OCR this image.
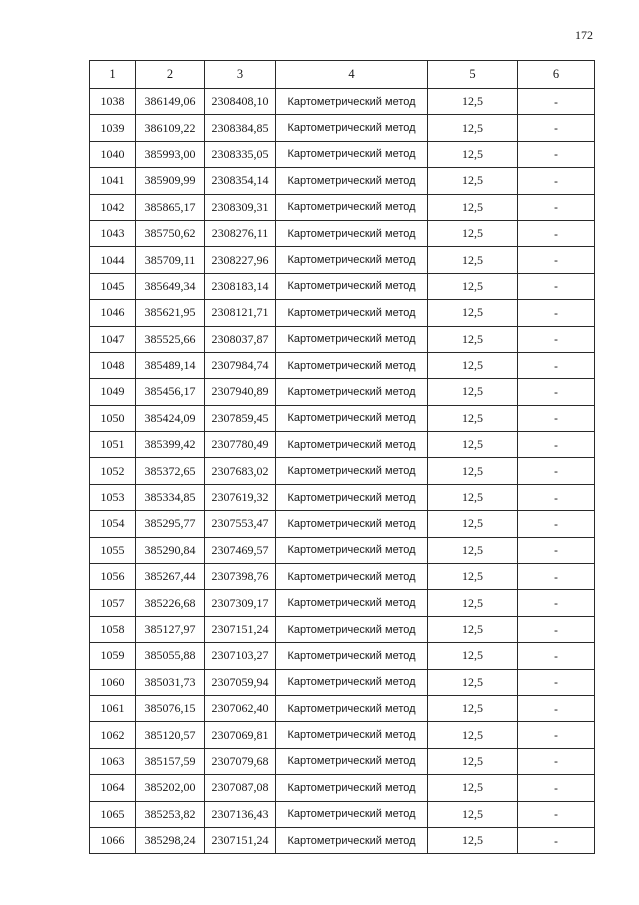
172
1	2	3	4	5	6
1038	386149,06	2308408,10	Картометрический метод	12,5	-
1039	386109,22	2308384,85	Картометрический метод	12,5	-
1040	385993,00	2308335,05	Картометрический метод	12,5	-
1041	385909,99	2308354,14	Картометрический метод	12,5	-
1042	385865,17	2308309,31	Картометрический метод	12,5	-
1043	385750,62	2308276,11	Картометрический метод	12,5	-
1044	385709,11	2308227,96	Картометрический метод	12,5	-
1045	385649,34	2308183,14	Картометрический метод	12,5	-
1046	385621,95	2308121,71	Картометрический метод	12,5	-
1047	385525,66	2308037,87	Картометрический метод	12,5	-
1048	385489,14	2307984,74	Картометрический метод	12,5	-
1049	385456,17	2307940,89	Картометрический метод	12,5	-
1050	385424,09	2307859,45	Картометрический метод	12,5	-
1051	385399,42	2307780,49	Картометрический метод	12,5	-
1052	385372,65	2307683,02	Картометрический метод	12,5	-
1053	385334,85	2307619,32	Картометрический метод	12,5	-
1054	385295,77	2307553,47	Картометрический метод	12,5	-
1055	385290,84	2307469,57	Картометрический метод	12,5	-
1056	385267,44	2307398,76	Картометрический метод	12,5	-
1057	385226,68	2307309,17	Картометрический метод	12,5	-
1058	385127,97	2307151,24	Картометрический метод	12,5	-
1059	385055,88	2307103,27	Картометрический метод	12,5	-
1060	385031,73	2307059,94	Картометрический метод	12,5	-
1061	385076,15	2307062,40	Картометрический метод	12,5	-
1062	385120,57	2307069,81	Картометрический метод	12,5	-
1063	385157,59	2307079,68	Картометрический метод	12,5	-
1064	385202,00	2307087,08	Картометрический метод	12,5	-
1065	385253,82	2307136,43	Картометрический метод	12,5	-
1066	385298,24	2307151,24	Картометрический метод	12,5	-
